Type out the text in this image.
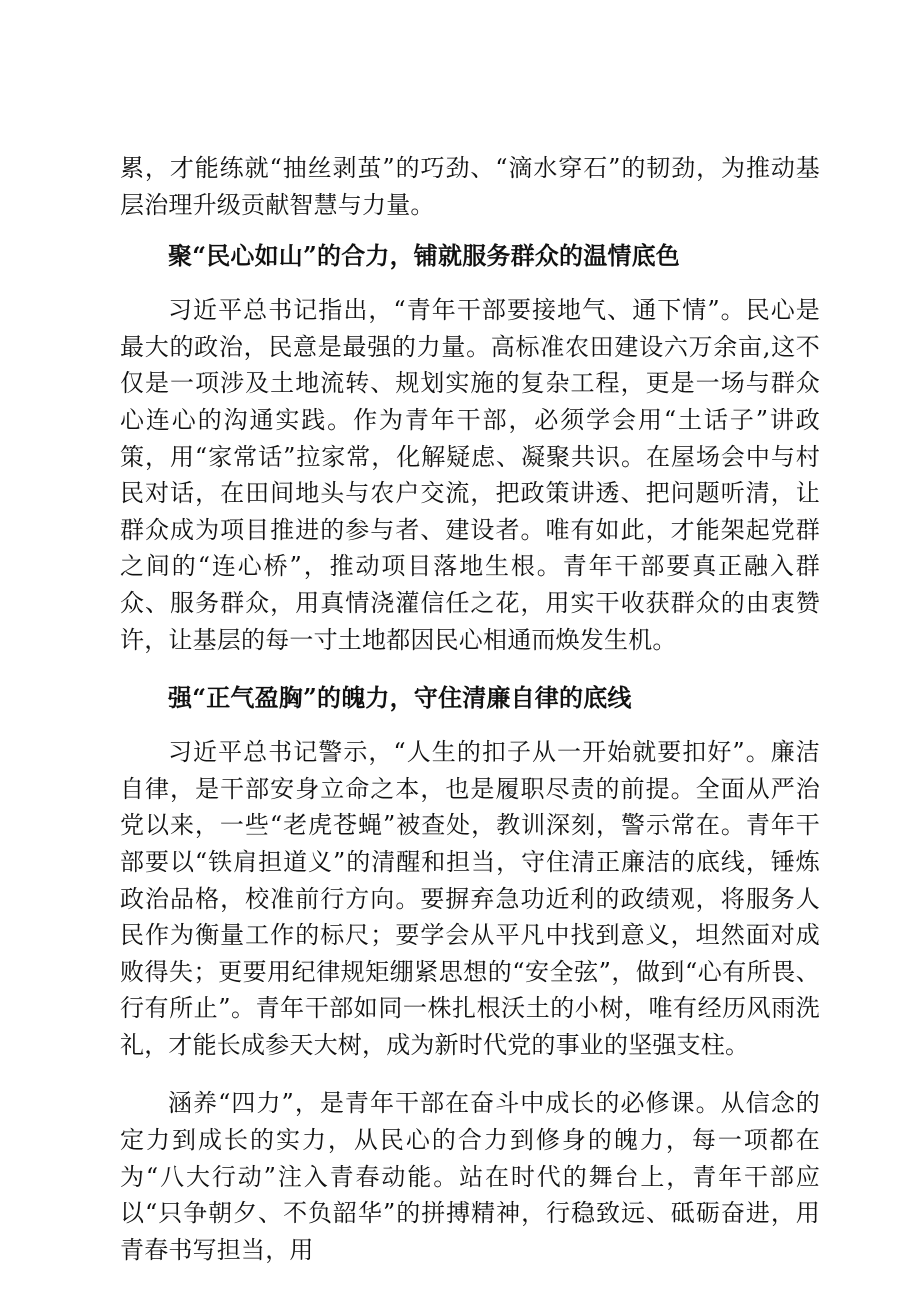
累，才能练就“抽丝剥茧”的巧劲、“滴水穿石”的韧劲，为推动基层治理升级贡献智慧与力量。

聚“民心如山”的合力，铺就服务群众的温情底色

习近平总书记指出，“青年干部要接地气、通下情”。民心是最大的政治，民意是最强的力量。高标准农田建设六万余亩,这不仅是一项涉及土地流转、规划实施的复杂工程，更是一场与群众心连心的沟通实践。作为青年干部，必须学会用“土话子”讲政策，用“家常话”拉家常，化解疑虑、凝聚共识。在屋场会中与村民对话，在田间地头与农户交流，把政策讲透、把问题听清，让群众成为项目推进的参与者、建设者。唯有如此，才能架起党群之间的“连心桥”，推动项目落地生根。青年干部要真正融入群众、服务群众，用真情浇灌信任之花，用实干收获群众的由衷赞许，让基层的每一寸土地都因民心相通而焕发生机。

强“正气盈胸”的魄力，守住清廉自律的底线

习近平总书记警示，“人生的扣子从一开始就要扣好”。廉洁自律，是干部安身立命之本，也是履职尽责的前提。全面从严治党以来，一些“老虎苍蝇”被查处，教训深刻，警示常在。青年干部要以“铁肩担道义”的清醒和担当，守住清正廉洁的底线，锤炼政治品格，校准前行方向。要摒弃急功近利的政绩观，将服务人民作为衡量工作的标尺；要学会从平凡中找到意义，坦然面对成败得失；更要用纪律规矩绷紧思想的“安全弦”，做到“心有所畏、行有所止”。青年干部如同一株扎根沃土的小树，唯有经历风雨洗礼，才能长成参天大树，成为新时代党的事业的坚强支柱。

涵养“四力”，是青年干部在奋斗中成长的必修课。从信念的定力到成长的实力，从民心的合力到修身的魄力，每一项都在为“八大行动”注入青春动能。站在时代的舞台上，青年干部应以“只争朝夕、不负韶华”的拼搏精神，行稳致远、砥砺奋进，用青春书写担当，用
